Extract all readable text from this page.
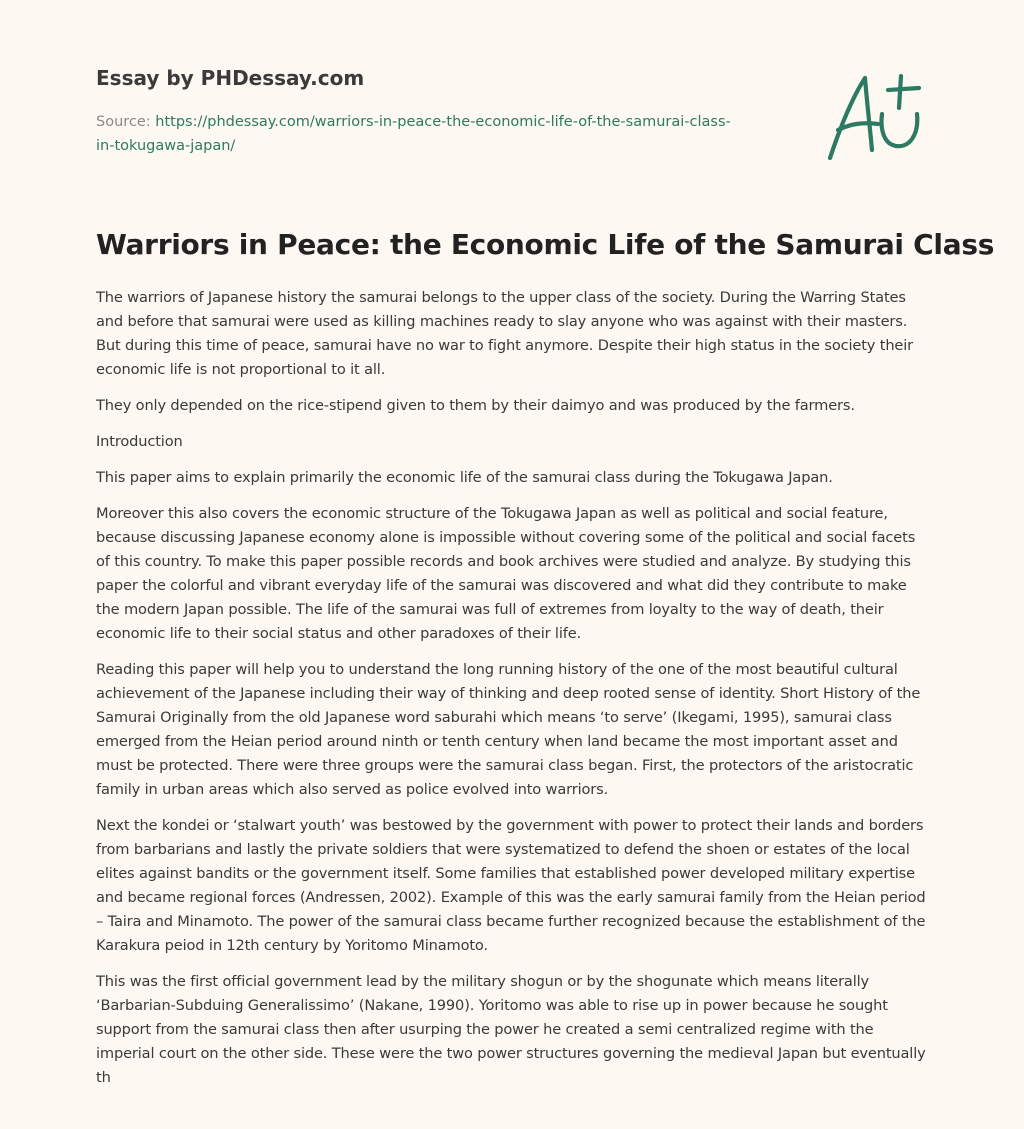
Essay by PHDessay.com
Source: https://phdessay.com/warriors-in-peace-the-economic-life-of-the-samurai-class-
in-tokugawa-japan/
Warriors in Peace: the Economic Life of the Samurai Class

The warriors of Japanese history the samurai belongs to the upper class of the society. During the Warring States and before that samurai were used as killing machines ready to slay anyone who was against with their masters. But during this time of peace, samurai have no war to fight anymore. Despite their high status in the society their economic life is not proportional to it all.

They only depended on the rice-stipend given to them by their daimyo and was produced by the farmers.

Introduction

This paper aims to explain primarily the economic life of the samurai class during the Tokugawa Japan.

Moreover this also covers the economic structure of the Tokugawa Japan as well as political and social feature, because discussing Japanese economy alone is impossible without covering some of the political and social facets of this country. To make this paper possible records and book archives were studied and analyze. By studying this paper the colorful and vibrant everyday life of the samurai was discovered and what did they contribute to make the modern Japan possible. The life of the samurai was full of extremes from loyalty to the way of death, their economic life to their social status and other paradoxes of their life.

Reading this paper will help you to understand the long running history of the one of the most beautiful cultural achievement of the Japanese including their way of thinking and deep rooted sense of identity. Short History of the Samurai Originally from the old Japanese word saburahi which means ‘to serve’ (Ikegami, 1995), samurai class emerged from the Heian period around ninth or tenth century when land became the most important asset and must be protected. There were three groups were the samurai class began. First, the protectors of the aristocratic family in urban areas which also served as police evolved into warriors.

Next the kondei or ‘stalwart youth’ was bestowed by the government with power to protect their lands and borders from barbarians and lastly the private soldiers that were systematized to defend the shoen or estates of the local elites against bandits or the government itself. Some families that established power developed military expertise and became regional forces (Andressen, 2002). Example of this was the early samurai family from the Heian period – Taira and Minamoto. The power of the samurai class became further recognized because the establishment of the Karakura peiod in 12th century by Yoritomo Minamoto.

This was the first official government lead by the military shogun or by the shogunate which means literally ‘Barbarian-Subduing Generalissimo’ (Nakane, 1990). Yoritomo was able to rise up in power because he sought support from the samurai class then after usurping the power he created a semi centralized regime with the imperial court on the other side. These were the two power structures governing the medieval Japan but eventually th
